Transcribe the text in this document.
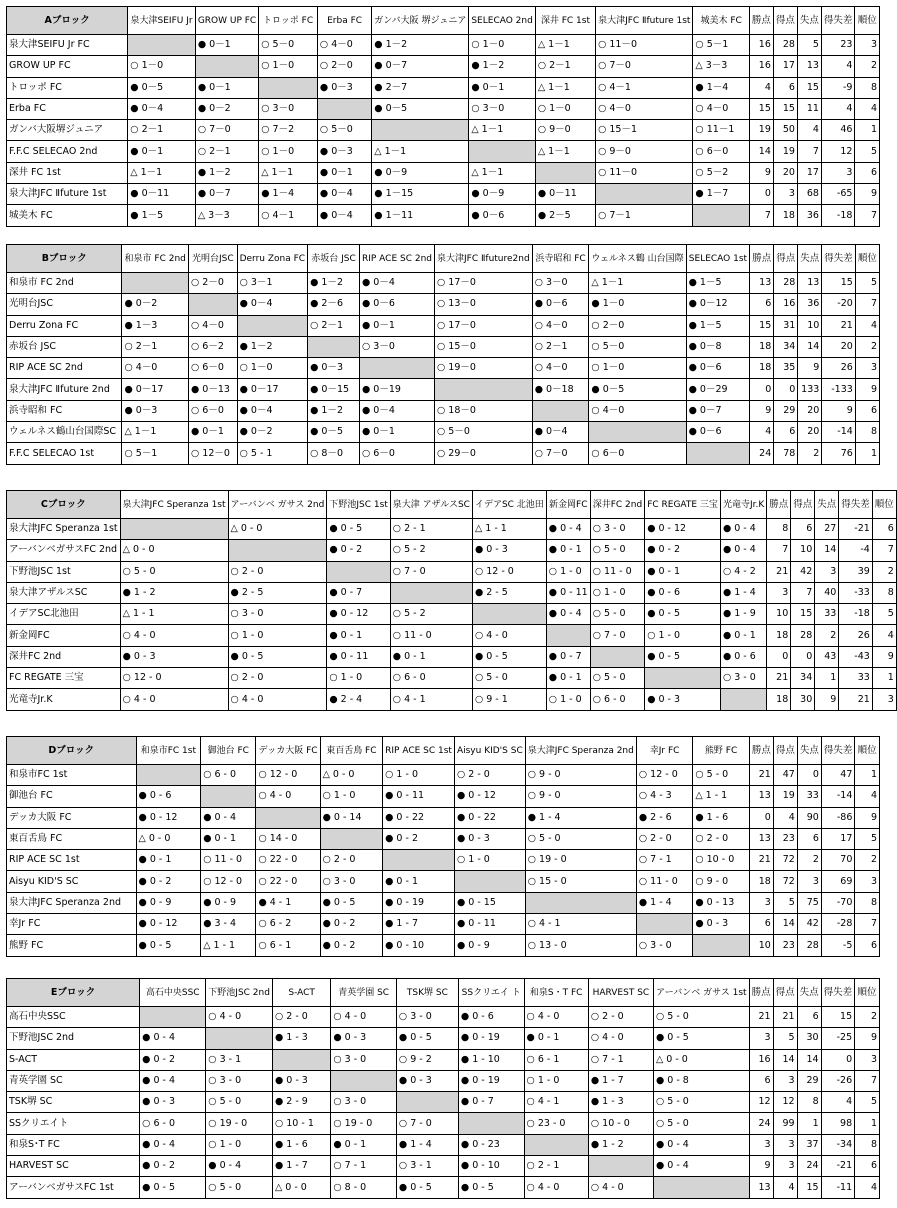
Aブロック	泉大津SEIFU Jr	GROW UP FC	トロッポ FC	Erba FC	ガンバ大阪 堺ジュニア	SELECAO 2nd	深井 FC 1st	泉大津JFC Ⅱfuture 1st	城美木 FC	勝点	得点	失点	得失差	順位
泉大津SEIFU Jr FC		● 0－1	○ 5－0	○ 4－0	● 1－2	○ 1－0	△ 1－1	○ 11－0	○ 5－1	16	28	5	23	3
GROW UP FC	○ 1－0		○ 1－0	○ 2－0	● 0－7	● 1－2	○ 2－1	○ 7－0	△ 3－3	16	17	13	4	2
トロッポ FC	● 0－5	● 0－1		● 0－3	● 2－7	● 0－1	△ 1－1	○ 4－1	● 1－4	4	6	15	-9	8
Erba FC	● 0－4	● 0－2	○ 3－0		● 0－5	○ 3－0	○ 1－0	○ 4－0	○ 4－0	15	15	11	4	4
ガンバ大阪堺ジュニア	○ 2－1	○ 7－0	○ 7－2	○ 5－0		△ 1－1	○ 9－0	○ 15－1	○ 11－1	19	50	4	46	1
F.F.C SELECAO 2nd	● 0－1	○ 2－1	○ 1－0	● 0－3	△ 1－1		△ 1－1	○ 9－0	○ 6－0	14	19	7	12	5
深井 FC 1st	△ 1－1	● 1－2	△ 1－1	● 0－1	● 0－9	△ 1－1		○ 11－0	○ 5－2	9	20	17	3	6
泉大津JFC Ⅱfuture 1st	● 0－11	● 0－7	● 1－4	● 0－4	● 1－15	● 0－9	● 0－11		● 1－7	0	3	68	-65	9
城美木 FC	● 1－5	△ 3－3	○ 4－1	● 0－4	● 1－11	● 0－6	● 2－5	○ 7－1		7	18	36	-18	7
Bブロック	和泉市 FC 2nd	光明台JSC	Derru Zona FC	赤坂台 JSC	RIP ACE SC 2nd	泉大津JFC Ⅱfuture2nd	浜寺昭和 FC	ウェルネス鶴 山台国際	SELECAO 1st	勝点	得点	失点	得失差	順位
和泉市 FC 2nd		○ 2－0	○ 3－1	● 1－2	● 0－4	○ 17－0	○ 3－0	△ 1－1	● 1－5	13	28	13	15	5
光明台JSC	● 0－2		● 0－4	● 2－6	● 0－6	○ 13－0	● 0－6	● 1－0	● 0－12	6	16	36	-20	7
Derru Zona FC	● 1－3	○ 4－0		○ 2－1	● 0－1	○ 17－0	○ 4－0	○ 2－0	● 1－5	15	31	10	21	4
赤坂台 JSC	○ 2－1	○ 6－2	● 1－2		○ 3－0	○ 15－0	○ 2－1	○ 5－0	● 0－8	18	34	14	20	2
RIP ACE SC 2nd	○ 4－0	○ 6－0	○ 1－0	● 0－3		○ 19－0	○ 4－0	○ 1－0	● 0－6	18	35	9	26	3
泉大津JFC Ⅱfuture 2nd	● 0－17	● 0－13	● 0－17	● 0－15	● 0－19		● 0－18	● 0－5	● 0－29	0	0	133	-133	9
浜寺昭和 FC	● 0－3	○ 6－0	● 0－4	● 1－2	● 0－4	○ 18－0		○ 4－0	● 0－7	9	29	20	9	6
ウェルネス鶴山台国際SC	△ 1－1	● 0－1	● 0－2	● 0－5	● 0－1	○ 5－0	● 0－4		● 0－6	4	6	20	-14	8
F.F.C SELECAO 1st	○ 5－1	○ 12－0	○ 5 - 1	○ 8－0	○ 6－0	○ 29－0	○ 7－0	○ 6－0		24	78	2	76	1
Cブロック	泉大津JFC Speranza 1st	アーバンベ ガサス 2nd	下野池JSC 1st	泉大津 アザルスSC	イデアSC 北池田	新金岡FC	深井FC 2nd	FC REGATE 三宝	光竜寺Jr.K	勝点	得点	失点	得失差	順位
泉大津JFC Speranza 1st		△ 0 - 0	● 0 - 5	○ 2 - 1	△ 1 - 1	● 0 - 4	○ 3 - 0	● 0 - 12	● 0 - 4	8	6	27	-21	6
アーバンベガサスFC 2nd	△ 0 - 0		● 0 - 2	○ 5 - 2	● 0 - 3	● 0 - 1	○ 5 - 0	● 0 - 2	● 0 - 4	7	10	14	-4	7
下野池JSC 1st	○ 5 - 0	○ 2 - 0		○ 7 - 0	○ 12 - 0	○ 1 - 0	○ 11 - 0	● 0 - 1	○ 4 - 2	21	42	3	39	2
泉大津アザルスSC	● 1 - 2	● 2 - 5	● 0 - 7		● 2 - 5	● 0 - 11	○ 1 - 0	● 0 - 6	● 1 - 4	3	7	40	-33	8
イデアSC北池田	△ 1 - 1	○ 3 - 0	● 0 - 12	○ 5 - 2		● 0 - 4	○ 5 - 0	● 0 - 5	● 1 - 9	10	15	33	-18	5
新金岡FC	○ 4 - 0	○ 1 - 0	● 0 - 1	○ 11 - 0	○ 4 - 0		○ 7 - 0	○ 1 - 0	● 0 - 1	18	28	2	26	4
深井FC 2nd	● 0 - 3	● 0 - 5	● 0 - 11	● 0 - 1	● 0 - 5	● 0 - 7		● 0 - 5	● 0 - 6	0	0	43	-43	9
FC REGATE 三宝	○ 12 - 0	○ 2 - 0	○ 1 - 0	○ 6 - 0	○ 5 - 0	● 0 - 1	○ 5 - 0		○ 3 - 0	21	34	1	33	1
光竜寺Jr.K	○ 4 - 0	○ 4 - 0	● 2 - 4	○ 4 - 1	○ 9 - 1	○ 1 - 0	○ 6 - 0	● 0 - 3		18	30	9	21	3
Dブロック	和泉市FC 1st	御池台 FC	デッカ大阪 FC	東百舌鳥 FC	RIP ACE SC 1st	Aisyu KID'S SC	泉大津JFC Speranza 2nd	幸Jr FC	熊野 FC	勝点	得点	失点	得失差	順位
和泉市FC 1st		○ 6 - 0	○ 12 - 0	△ 0 - 0	○ 1 - 0	○ 2 - 0	○ 9 - 0	○ 12 - 0	○ 5 - 0	21	47	0	47	1
御池台 FC	● 0 - 6		○ 4 - 0	○ 1 - 0	● 0 - 11	● 0 - 12	○ 9 - 0	○ 4 - 3	△ 1 - 1	13	19	33	-14	4
デッカ大阪 FC	● 0 - 12	● 0 - 4		● 0 - 14	● 0 - 22	● 0 - 22	● 1 - 4	● 2 - 6	● 1 - 6	0	4	90	-86	9
東百舌鳥 FC	△ 0 - 0	● 0 - 1	○ 14 - 0		● 0 - 2	● 0 - 3	○ 5 - 0	○ 2 - 0	○ 2 - 0	13	23	6	17	5
RIP ACE SC 1st	● 0 - 1	○ 11 - 0	○ 22 - 0	○ 2 - 0		○ 1 - 0	○ 19 - 0	○ 7 - 1	○ 10 - 0	21	72	2	70	2
Aisyu KID'S SC	● 0 - 2	○ 12 - 0	○ 22 - 0	○ 3 - 0	● 0 - 1		○ 15 - 0	○ 11 - 0	○ 9 - 0	18	72	3	69	3
泉大津JFC Speranza 2nd	● 0 - 9	● 0 - 9	● 4 - 1	● 0 - 5	● 0 - 19	● 0 - 15		● 1 - 4	● 0 - 13	3	5	75	-70	8
幸Jr FC	● 0 - 12	● 3 - 4	○ 6 - 2	● 0 - 2	● 1 - 7	● 0 - 11	○ 4 - 1		● 0 - 3	6	14	42	-28	7
熊野 FC	● 0 - 5	△ 1 - 1	○ 6 - 1	● 0 - 2	● 0 - 10	● 0 - 9	○ 13 - 0	○ 3 - 0		10	23	28	-5	6
Eブロック	高石中央SSC	下野池JSC 2nd	S-ACT	青英学園 SC	TSK堺 SC	SSクリエイ ト	和泉S・T FC	HARVEST SC	アーバンベ ガサス 1st	勝点	得点	失点	得失差	順位
高石中央SSC		○ 4 - 0	○ 2 - 0	○ 4 - 0	○ 3 - 0	● 0 - 6	○ 4 - 0	○ 2 - 0	○ 5 - 0	21	21	6	15	2
下野池JSC 2nd	● 0 - 4		● 1 - 3	● 0 - 3	● 0 - 5	● 0 - 19	● 0 - 1	○ 4 - 0	● 0 - 5	3	5	30	-25	9
S-ACT	● 0 - 2	○ 3 - 1		○ 3 - 0	○ 9 - 2	● 1 - 10	○ 6 - 1	○ 7 - 1	△ 0 - 0	16	14	14	0	3
青英学園 SC	● 0 - 4	○ 3 - 0	● 0 - 3		● 0 - 3	● 0 - 19	○ 1 - 0	● 1 - 7	● 0 - 8	6	3	29	-26	7
TSK堺 SC	● 0 - 3	○ 5 - 0	● 2 - 9	○ 3 - 0		● 0 - 7	○ 4 - 1	● 1 - 3	○ 5 - 0	12	12	8	4	5
SSクリエイト	○ 6 - 0	○ 19 - 0	○ 10 - 1	○ 19 - 0	○ 7 - 0		○ 23 - 0	○ 10 - 0	○ 5 - 0	24	99	1	98	1
和泉S･T FC	● 0 - 4	○ 1 - 0	● 1 - 6	● 0 - 1	● 1 - 4	● 0 - 23		● 1 - 2	● 0 - 4	3	3	37	-34	8
HARVEST SC	● 0 - 2	● 0 - 4	● 1 - 7	○ 7 - 1	○ 3 - 1	● 0 - 10	○ 2 - 1		● 0 - 4	9	3	24	-21	6
アーバンベガサスFC 1st	● 0 - 5	○ 5 - 0	△ 0 - 0	○ 8 - 0	● 0 - 5	● 0 - 5	○ 4 - 0	○ 4 - 0		13	4	15	-11	4
